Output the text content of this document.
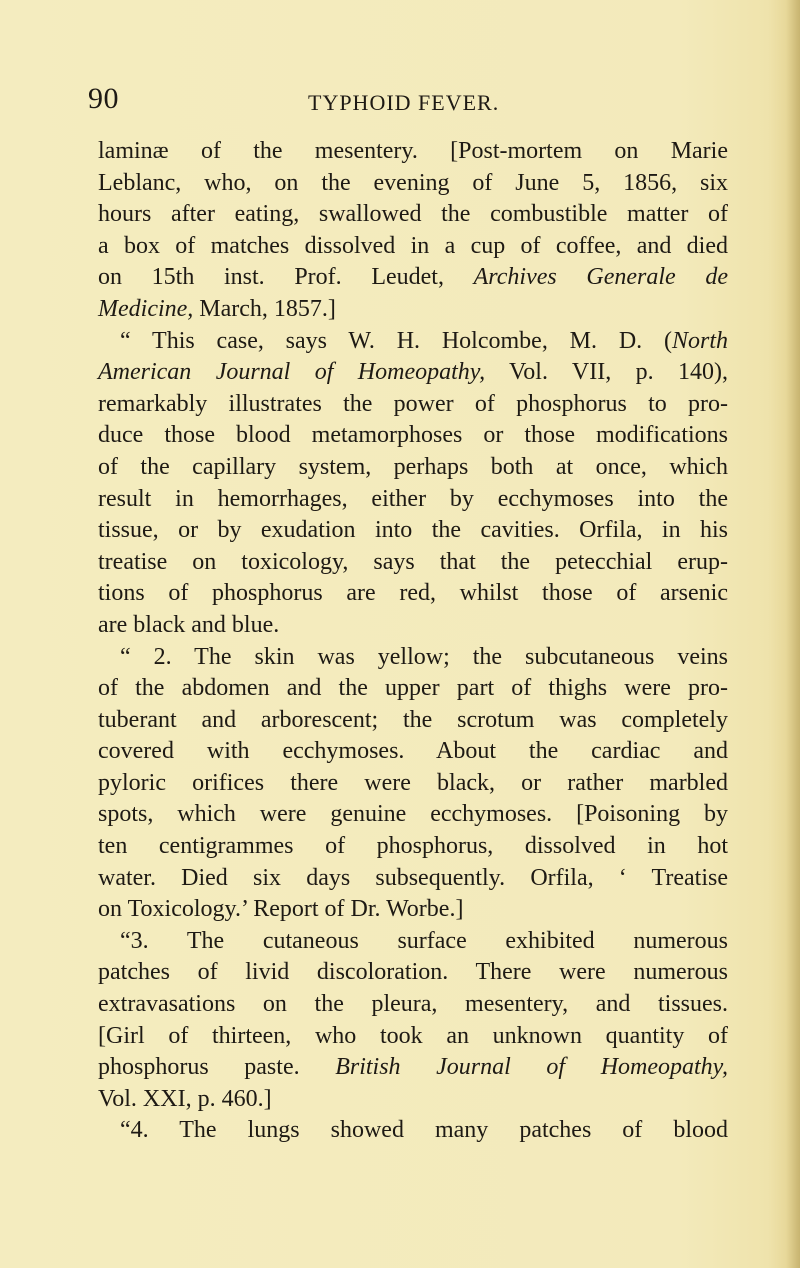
90	TYPHOID FEVER.
laminæ of the mesentery. [Post-mortem on Marie
Leblanc, who, on the evening of June 5, 1856, six
hours after eating, swallowed the combustible matter of
a box of matches dissolved in a cup of coffee, and died
on 15th inst. Prof. Leudet, Archives Generale de
Medicine, March, 1857.]
“ This case, says W. H. Holcombe, M. D. (North
American Journal of Homeopathy, Vol. VII, p. 140),
remarkably illustrates the power of phosphorus to pro-
duce those blood metamorphoses or those modifications
of the capillary system, perhaps both at once, which
result in hemorrhages, either by ecchymoses into the
tissue, or by exudation into the cavities. Orfila, in his
treatise on toxicology, says that the petecchial erup-
tions of phosphorus are red, whilst those of arsenic
are black and blue.
“ 2. The skin was yellow; the subcutaneous veins
of the abdomen and the upper part of thighs were pro-
tuberant and arborescent; the scrotum was completely
covered with ecchymoses. About the cardiac and
pyloric orifices there were black, or rather marbled
spots, which were genuine ecchymoses. [Poisoning by
ten centigrammes of phosphorus, dissolved in hot
water. Died six days subsequently. Orfila, ‘ Treatise
on Toxicology.’ Report of Dr. Worbe.]
“3. The cutaneous surface exhibited numerous
patches of livid discoloration. There were numerous
extravasations on the pleura, mesentery, and tissues.
[Girl of thirteen, who took an unknown quantity of
phosphorus paste. British Journal of Homeopathy,
Vol. XXI, p. 460.]
“4. The lungs showed many patches of blood
